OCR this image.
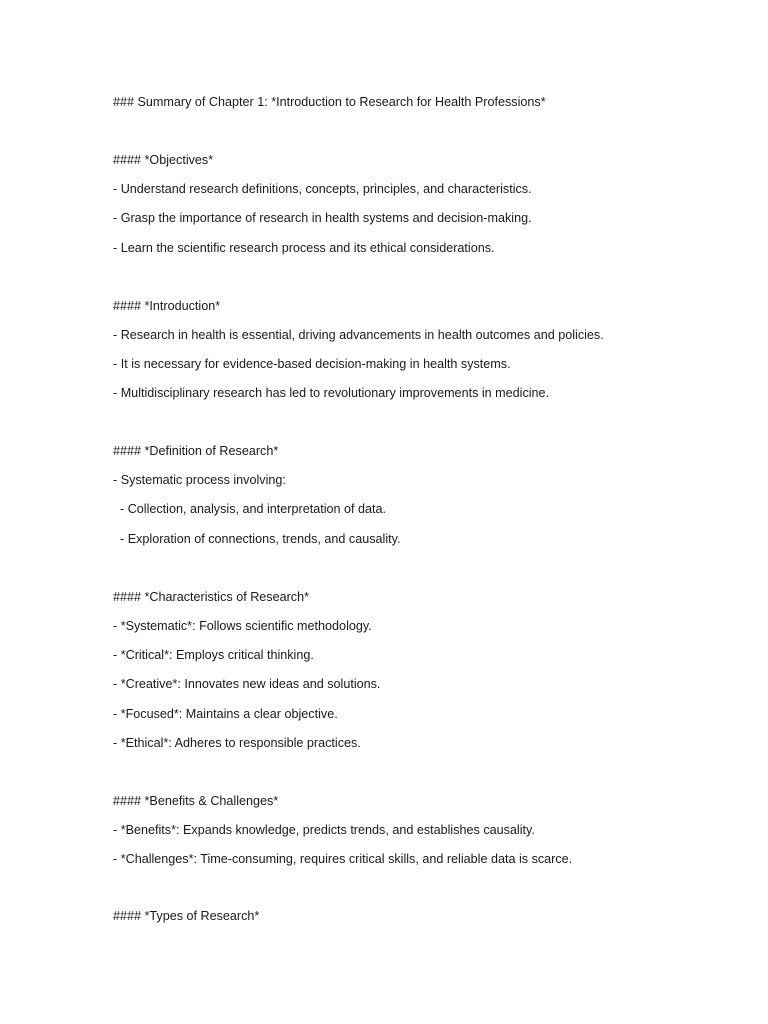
### Summary of Chapter 1: *Introduction to Research for Health Professions*
#### *Objectives*
- Understand research definitions, concepts, principles, and characteristics.
- Grasp the importance of research in health systems and decision-making.
- Learn the scientific research process and its ethical considerations.
#### *Introduction*
- Research in health is essential, driving advancements in health outcomes and policies.
- It is necessary for evidence-based decision-making in health systems.
- Multidisciplinary research has led to revolutionary improvements in medicine.
#### *Definition of Research*
- Systematic process involving:
- Collection, analysis, and interpretation of data.
- Exploration of connections, trends, and causality.
#### *Characteristics of Research*
- *Systematic*: Follows scientific methodology.
- *Critical*: Employs critical thinking.
- *Creative*: Innovates new ideas and solutions.
- *Focused*: Maintains a clear objective.
- *Ethical*: Adheres to responsible practices.
#### *Benefits & Challenges*
- *Benefits*: Expands knowledge, predicts trends, and establishes causality.
- *Challenges*: Time-consuming, requires critical skills, and reliable data is scarce.
#### *Types of Research*
